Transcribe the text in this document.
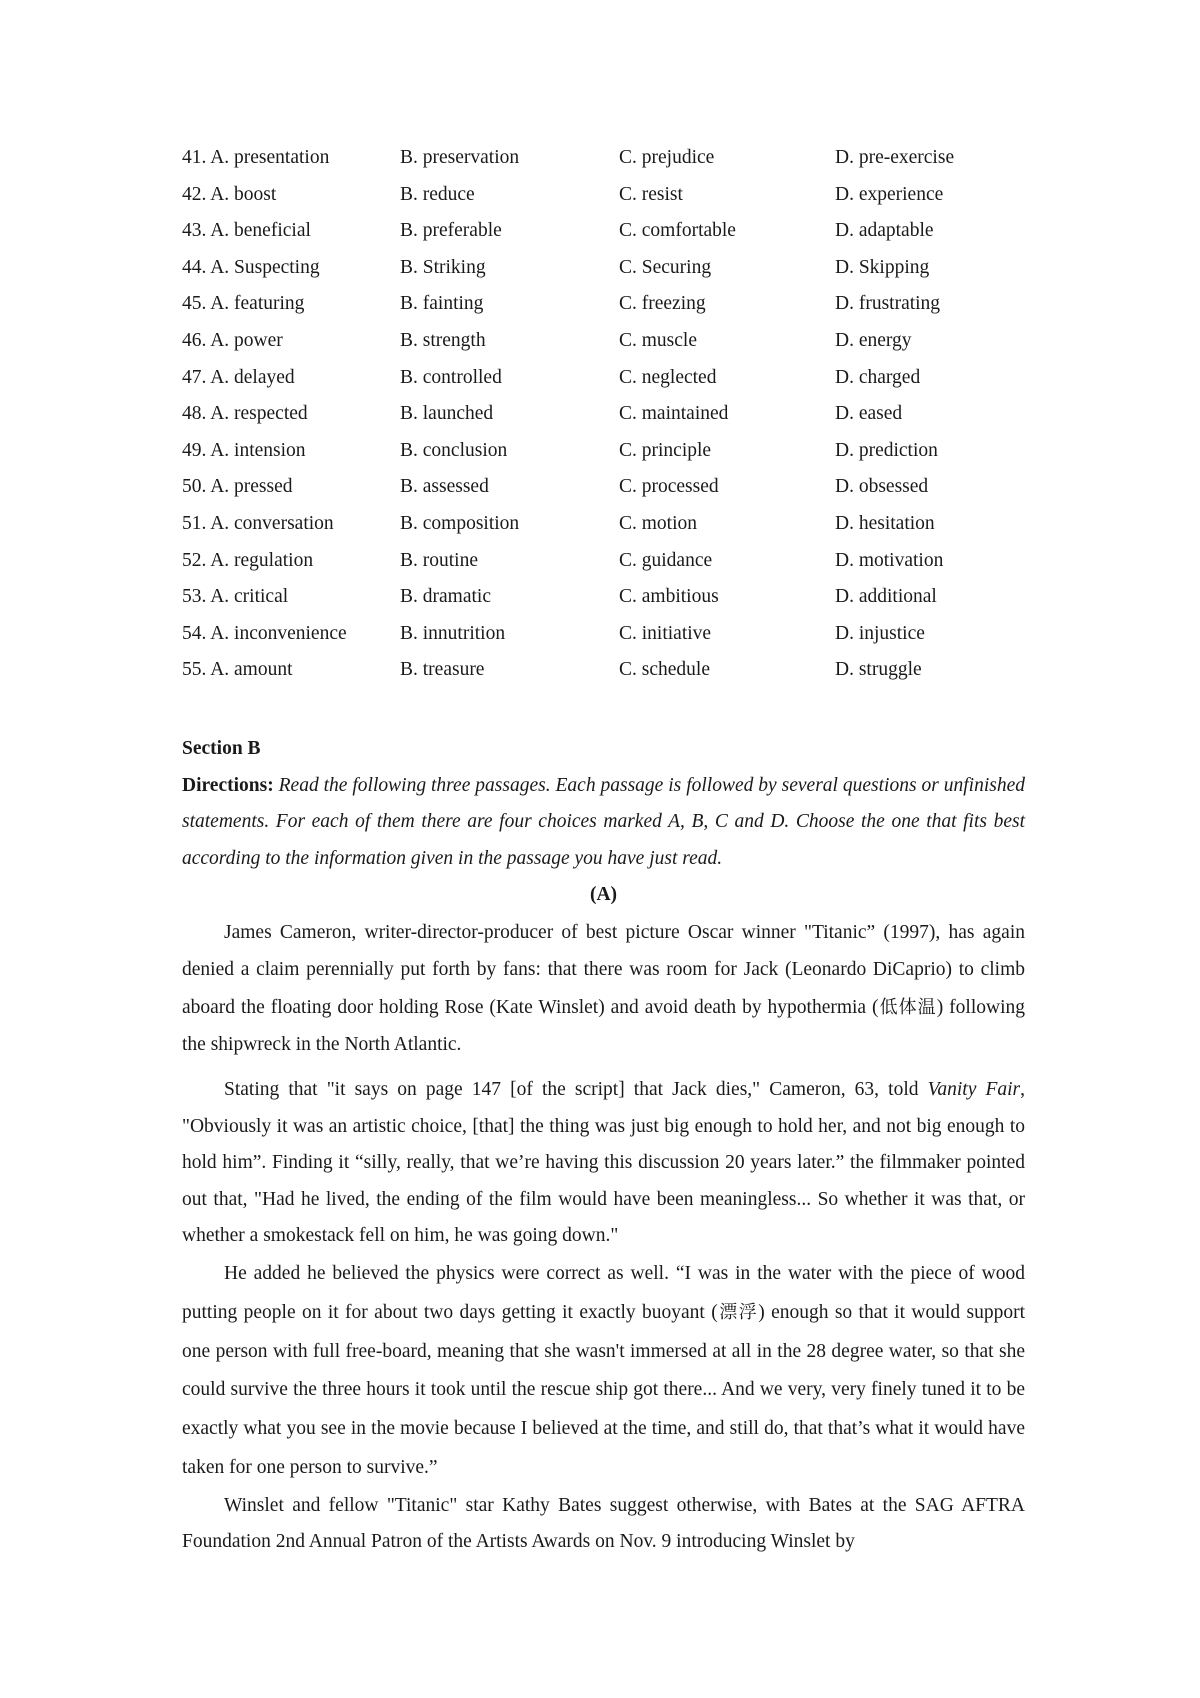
41. A. presentation	B. preservation	C. prejudice	D. pre-exercise
42. A. boost	B. reduce	C. resist	D. experience
43. A. beneficial	B. preferable	C. comfortable	D. adaptable
44. A. Suspecting	B. Striking	C. Securing	D. Skipping
45. A. featuring	B. fainting	C. freezing	D. frustrating
46. A. power	B. strength	C. muscle	D. energy
47. A. delayed	B. controlled	C. neglected	D. charged
48. A. respected	B. launched	C. maintained	D. eased
49. A. intension	B. conclusion	C. principle	D. prediction
50. A. pressed	B. assessed	C. processed	D. obsessed
51. A. conversation	B. composition	C. motion	D. hesitation
52. A. regulation	B. routine	C. guidance	D. motivation
53. A. critical	B. dramatic	C. ambitious	D. additional
54. A. inconvenience	B. innutrition	C. initiative	D. injustice
55. A. amount	B. treasure	C. schedule	D. struggle
Section B
Directions: Read the following three passages. Each passage is followed by several questions or unfinished statements. For each of them there are four choices marked A, B, C and D. Choose the one that fits best according to the information given in the passage you have just read.
(A)

James Cameron, writer-director-producer of best picture Oscar winner "Titanic” (1997), has again denied a claim perennially put forth by fans: that there was room for Jack (Leonardo DiCaprio) to climb aboard the floating door holding Rose (Kate Winslet) and avoid death by hypothermia (低体温) following the shipwreck in the North Atlantic.

Stating that "it says on page 147 [of the script] that Jack dies," Cameron, 63, told Vanity Fair, "Obviously it was an artistic choice, [that] the thing was just big enough to hold her, and not big enough to hold him”. Finding it “silly, really, that we’re having this discussion 20 years later.” the filmmaker pointed out that, "Had he lived, the ending of the film would have been meaningless... So whether it was that, or whether a smokestack fell on him, he was going down."

He added he believed the physics were correct as well. “I was in the water with the piece of wood putting people on it for about two days getting it exactly buoyant (漂浮) enough so that it would support one person with full free-board, meaning that she wasn't immersed at all in the 28 degree water, so that she could survive the three hours it took until the rescue ship got there... And we very, very finely tuned it to be exactly what you see in the movie because I believed at the time, and still do, that that’s what it would have taken for one person to survive.”

Winslet and fellow "Titanic" star Kathy Bates suggest otherwise, with Bates at the SAG AFTRA Foundation 2nd Annual Patron of the Artists Awards on Nov. 9 introducing Winslet by
